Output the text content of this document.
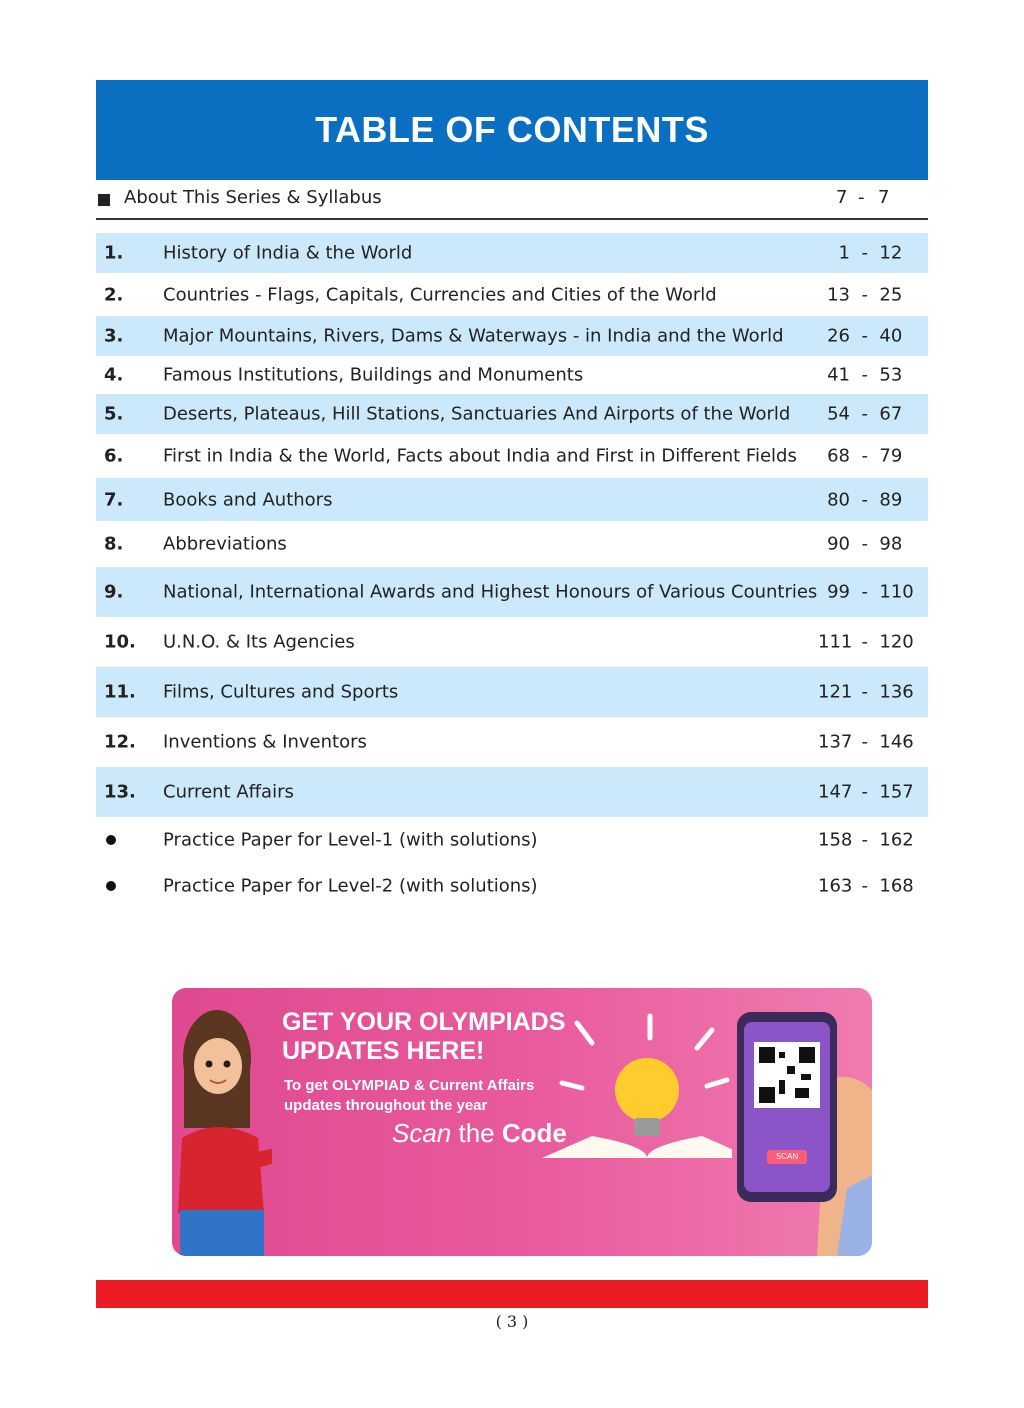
TABLE OF CONTENTS
About This Series & Syllabus	7 - 7
1. History of India & the World	1  -  12
2. Countries - Flags, Capitals, Currencies and Cities of the World	13  -  25
3. Major Mountains, Rivers, Dams & Waterways - in India and the World	26  -  40
4. Famous Institutions, Buildings and Monuments	41  -  53
5. Deserts, Plateaus, Hill Stations, Sanctuaries And Airports of the World	54  -  67
6. First in India & the World, Facts about India and First in Different Fields	68  -  79
7. Books and Authors	80  -  89
8. Abbreviations	90  -  98
9. National, International Awards and Highest Honours of Various Countries 99  -  110
10. U.N.O. & Its Agencies	111  -  120
11. Films, Cultures and Sports	121  -  136
12. Inventions & Inventors	137  -  146
13. Current Affairs	147  -  157
Practice Paper for Level-1 (with solutions)	158  -  162
Practice Paper for Level-2 (with solutions)	163  -  168
GET YOUR OLYMPIADS
UPDATES HERE!
To get OLYMPIAD & Current Affairs
updates throughout the year
Scan the Code
SCAN
( 3 )
